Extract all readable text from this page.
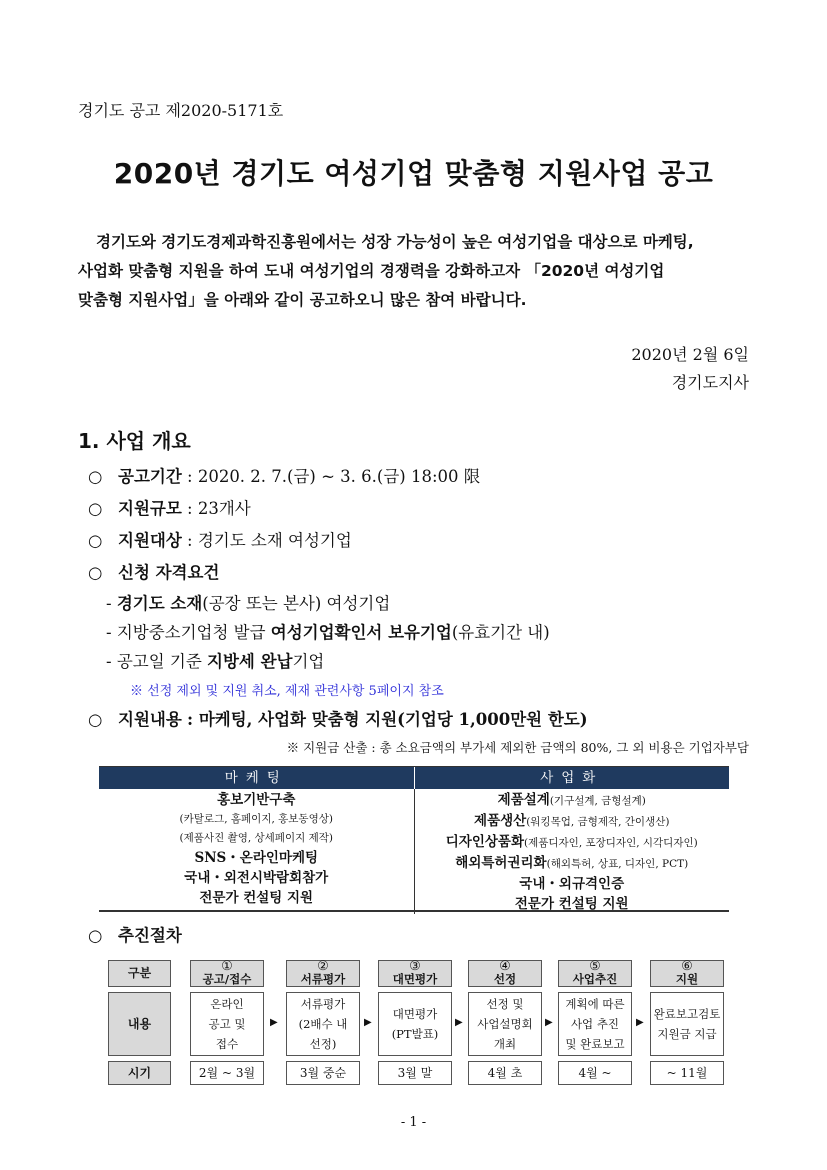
경기도 공고 제2020-5171호
2020년 경기도 여성기업 맞춤형 지원사업 공고

경기도와 경기도경제과학진흥원에서는 성장 가능성이 높은 여성기업을 대상으로 마케팅,

사업화 맞춤형 지원을 하여 도내 여성기업의 경쟁력을 강화하고자 「2020년 여성기업

맞춤형 지원사업」을 아래와 같이 공고하오니 많은 참여 바랍니다.

2020년 2월 6일
경기도지사
1. 사업 개요
○ 공고기간 : 2020. 2. 7.(금) ~ 3. 6.(금) 18:00 限
○ 지원규모 : 23개사
○ 지원대상 : 경기도 소재 여성기업
○ 신청 자격요건
- 경기도 소재(공장 또는 본사) 여성기업
- 지방중소기업청 발급 여성기업확인서 보유기업(유효기간 내)
- 공고일 기준 지방세 완납기업
※ 선정 제외 및 지원 취소, 제재 관련사항 5페이지 참조
○ 지원내용 : 마케팅, 사업화 맞춤형 지원(기업당 1,000만원 한도)
※ 지원금 산출 : 총 소요금액의 부가세 제외한 금액의 80%, 그 외 비용은 기업자부담
마케팅	사업화
홍보기반구축
(카탈로그, 홈페이지, 홍보동영상)
(제품사진 촬영, 상세페이지 제작)
SNS・온라인마케팅
국내・외전시박람회참가
전문가 컨설팅 지원
제품설계(기구설계, 금형설계)
제품생산(워킹목업, 금형제작, 간이생산)
디자인상품화(제품디자인, 포장디자인, 시각디자인)
해외특허권리화(해외특허, 상표, 디자인, PCT)
국내・외규격인증
전문가 컨설팅 지원
○ 추진절차
구분
내용
시기
①
공고/접수
온라인
공고 및
접수
2월 ~ 3월
▶
②
서류평가
서류평가
(2배수 내
선정)
3월 중순
▶
③
대면평가
대면평가
(PT발표)
3월 말
▶
④
선정
선정 및
사업설명회
개최
4월 초
▶
⑤
사업추진
계획에 따른
사업 추진
및 완료보고
4월 ~
▶
⑥
지원
완료보고검토
지원금 지급
~ 11월
- 1 -
